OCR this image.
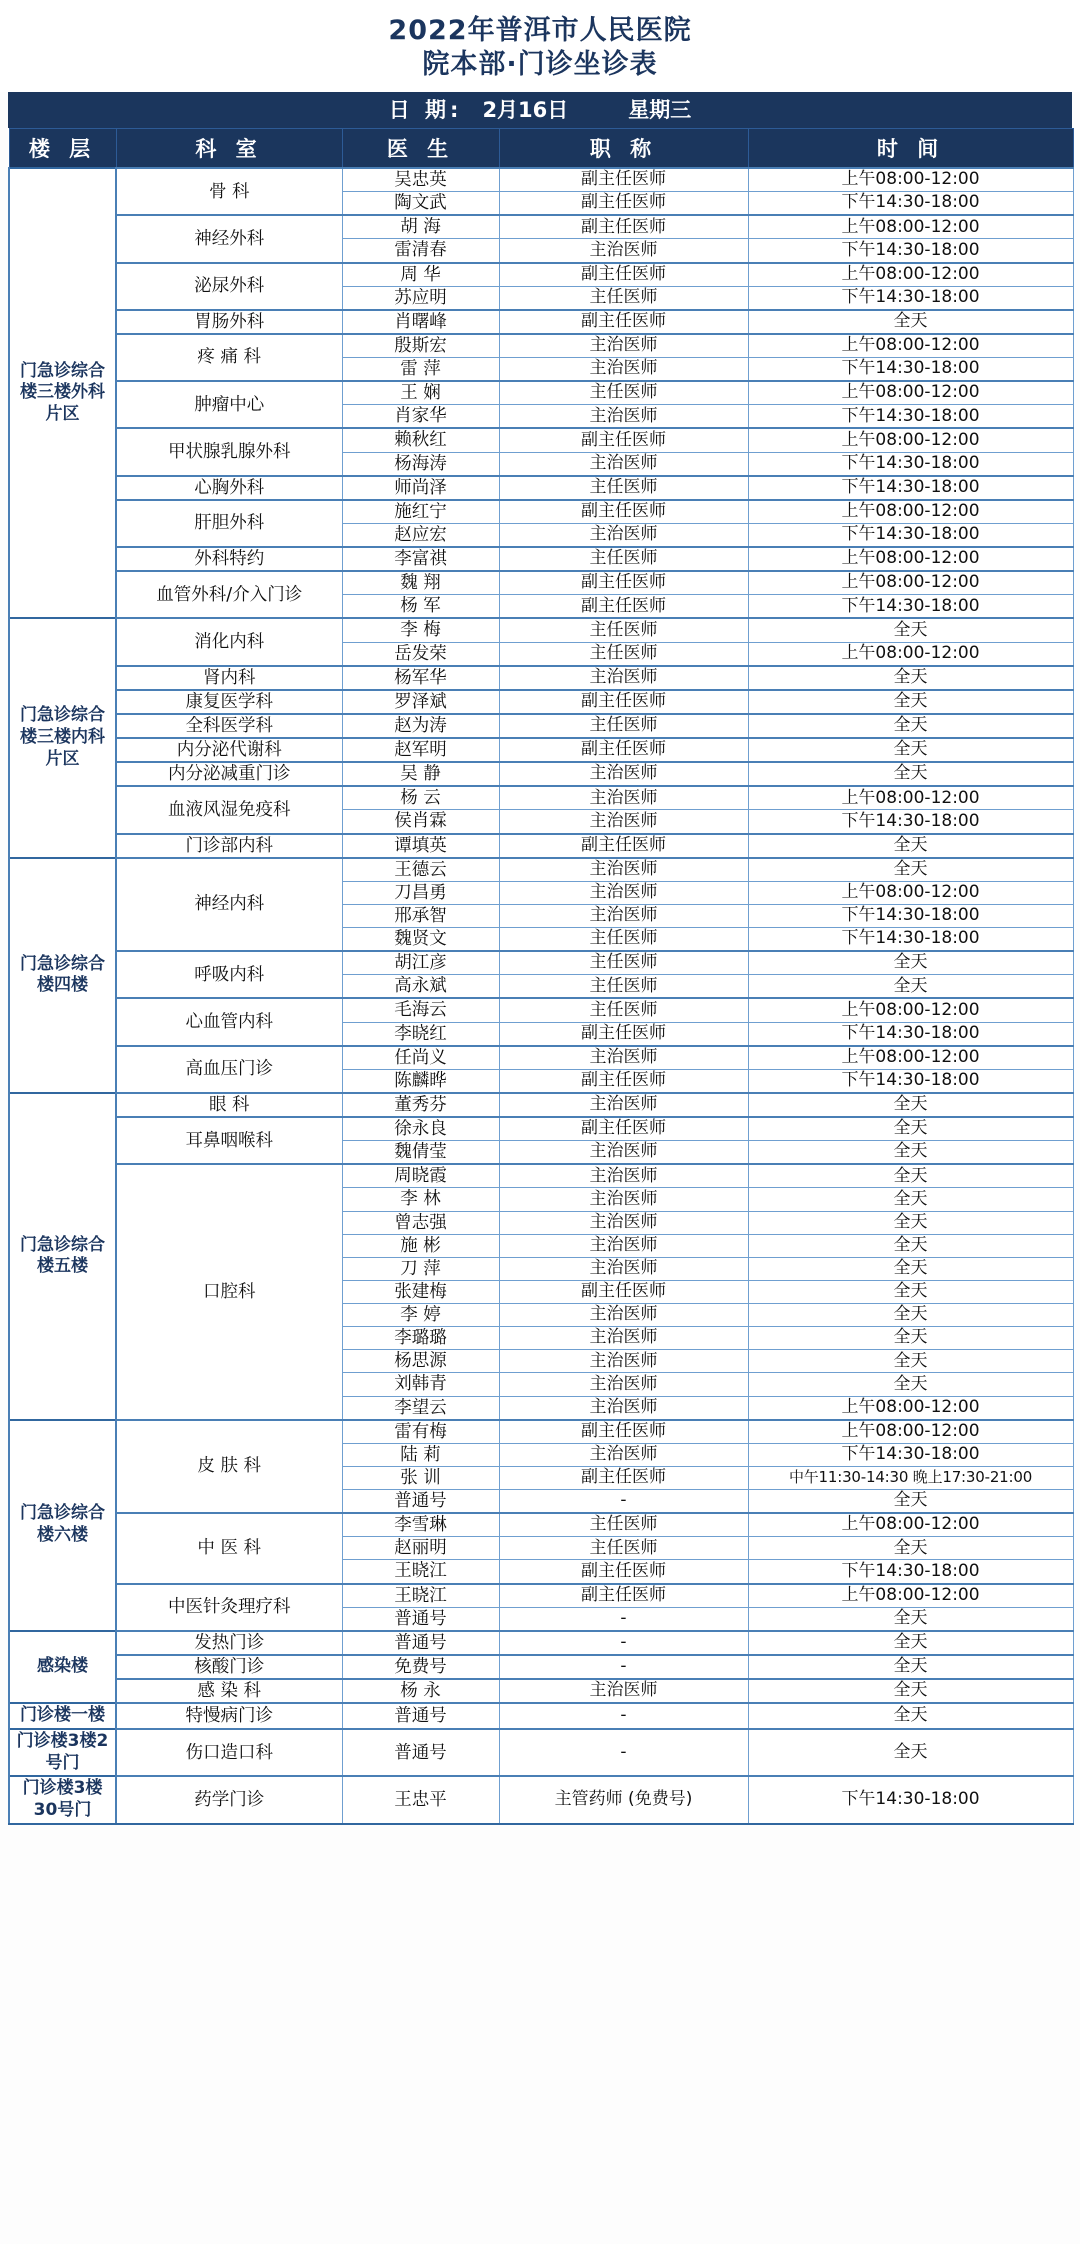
2022年普洱市人民医院
院本部·门诊坐诊表
日 期: 2月16日	星期三
楼 层	科 室	医 生	职 称	时 间
门急诊综合楼三楼外科片区	骨 科	吴忠英	副主任医师	上午08:00-12:00
		陶文武	副主任医师	下午14:30-18:00
	神经外科	胡 海	副主任医师	上午08:00-12:00
		雷清春	主治医师	下午14:30-18:00
	泌尿外科	周 华	副主任医师	上午08:00-12:00
		苏应明	主任医师	下午14:30-18:00
	胃肠外科	肖曙峰	副主任医师	全天
	疼 痛 科	殷斯宏	主治医师	上午08:00-12:00
		雷 萍	主治医师	下午14:30-18:00
	肿瘤中心	王 娴	主任医师	上午08:00-12:00
		肖家华	主治医师	下午14:30-18:00
	甲状腺乳腺外科	赖秋红	副主任医师	上午08:00-12:00
		杨海涛	主治医师	下午14:30-18:00
	心胸外科	师尚泽	主任医师	下午14:30-18:00
	肝胆外科	施红宁	副主任医师	上午08:00-12:00
		赵应宏	主治医师	下午14:30-18:00
	外科特约	李富祺	主任医师	上午08:00-12:00
	血管外科/介入门诊	魏 翔	副主任医师	上午08:00-12:00
		杨 军	副主任医师	下午14:30-18:00
门急诊综合楼三楼内科片区	消化内科	李 梅	主任医师	全天
		岳发荣	主任医师	上午08:00-12:00
	肾内科	杨军华	主治医师	全天
	康复医学科	罗泽斌	副主任医师	全天
	全科医学科	赵为涛	主任医师	全天
	内分泌代谢科	赵军明	副主任医师	全天
	内分泌减重门诊	吴 静	主治医师	全天
	血液风湿免疫科	杨 云	主治医师	上午08:00-12:00
		侯肖霖	主治医师	下午14:30-18:00
	门诊部内科	谭填英	副主任医师	全天
门急诊综合楼四楼	神经内科	王德云	主治医师	全天
		刀昌勇	主治医师	上午08:00-12:00
		邢承智	主治医师	下午14:30-18:00
		魏贤文	主任医师	下午14:30-18:00
	呼吸内科	胡江彦	主任医师	全天
		高永斌	主任医师	全天
	心血管内科	毛海云	主任医师	上午08:00-12:00
		李晓红	副主任医师	下午14:30-18:00
	高血压门诊	任尚义	主治医师	上午08:00-12:00
		陈麟晔	副主任医师	下午14:30-18:00
门急诊综合楼五楼	眼 科	董秀芬	主治医师	全天
	耳鼻咽喉科	徐永良	副主任医师	全天
		魏倩莹	主治医师	全天
	口腔科	周晓霞	主治医师	全天
		李 林	主治医师	全天
		曾志强	主治医师	全天
		施 彬	主治医师	全天
		刀 萍	主治医师	全天
		张建梅	副主任医师	全天
		李 婷	主治医师	全天
		李璐璐	主治医师	全天
		杨思源	主治医师	全天
		刘韩青	主治医师	全天
		李望云	主治医师	上午08:00-12:00
门急诊综合楼六楼	皮 肤 科	雷有梅	副主任医师	上午08:00-12:00
		陆 莉	主治医师	下午14:30-18:00
		张 训	副主任医师	中午11:30-14:30 晚上17:30-21:00
		普通号	-	全天
	中 医 科	李雪琳	主任医师	上午08:00-12:00
		赵丽明	主任医师	全天
		王晓江	副主任医师	下午14:30-18:00
	中医针灸理疗科	王晓江	副主任医师	上午08:00-12:00
		普通号	-	全天
感染楼	发热门诊	普通号	-	全天
	核酸门诊	免费号	-	全天
	感 染 科	杨 永	主治医师	全天
门诊楼一楼	特慢病门诊	普通号	-	全天
门诊楼3楼2号门	伤口造口科	普通号	-	全天
门诊楼3楼30号门	药学门诊	王忠平	主管药师 (免费号)	下午14:30-18:00
